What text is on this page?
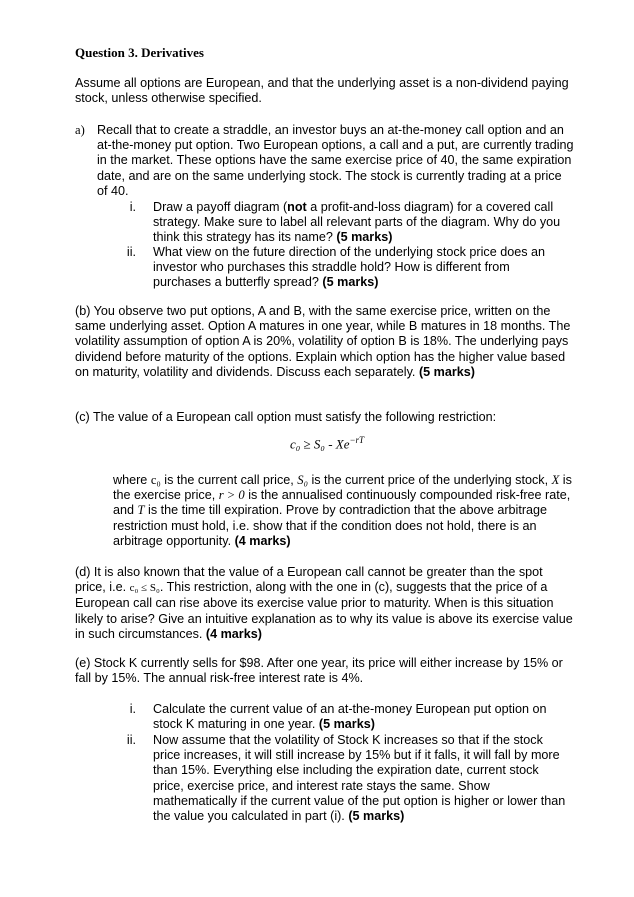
Question 3. Derivatives
Assume all options are European, and that the underlying asset is a non-dividend paying stock, unless otherwise specified.
a) Recall that to create a straddle, an investor buys an at-the-money call option and an at-the-money put option. Two European options, a call and a put, are currently trading in the market. These options have the same exercise price of 40, the same expiration date, and are on the same underlying stock. The stock is currently trading at a price of 40.
i. Draw a payoff diagram (not a profit-and-loss diagram) for a covered call strategy. Make sure to label all relevant parts of the diagram. Why do you think this strategy has its name? (5 marks)
ii. What view on the future direction of the underlying stock price does an investor who purchases this straddle hold? How is different from purchases a butterfly spread? (5 marks)
(b) You observe two put options, A and B, with the same exercise price, written on the same underlying asset. Option A matures in one year, while B matures in 18 months. The volatility assumption of option A is 20%, volatility of option B is 18%. The underlying pays dividend before maturity of the options. Explain which option has the higher value based on maturity, volatility and dividends. Discuss each separately. (5 marks)
(c) The value of a European call option must satisfy the following restriction:
$c_0 \ge S_0 - Xe^{-rT}$
where c₀ is the current call price, S₀ is the current price of the underlying stock, X is the exercise price, r > 0 is the annualised continuously compounded risk-free rate, and T is the time till expiration. Prove by contradiction that the above arbitrage restriction must hold, i.e. show that if the condition does not hold, there is an arbitrage opportunity. (4 marks)
(d) It is also known that the value of a European call cannot be greater than the spot price, i.e. c₀ ≤ S₀. This restriction, along with the one in (c), suggests that the price of a European call can rise above its exercise value prior to maturity. When is this situation likely to arise? Give an intuitive explanation as to why its value is above its exercise value in such circumstances. (4 marks)
(e) Stock K currently sells for $98. After one year, its price will either increase by 15% or fall by 15%. The annual risk-free interest rate is 4%.
i. Calculate the current value of an at-the-money European put option on stock K maturing in one year. (5 marks)
ii. Now assume that the volatility of Stock K increases so that if the stock price increases, it will still increase by 15% but if it falls, it will fall by more than 15%. Everything else including the expiration date, current stock price, exercise price, and interest rate stays the same. Show mathematically if the current value of the put option is higher or lower than the value you calculated in part (i). (5 marks)
